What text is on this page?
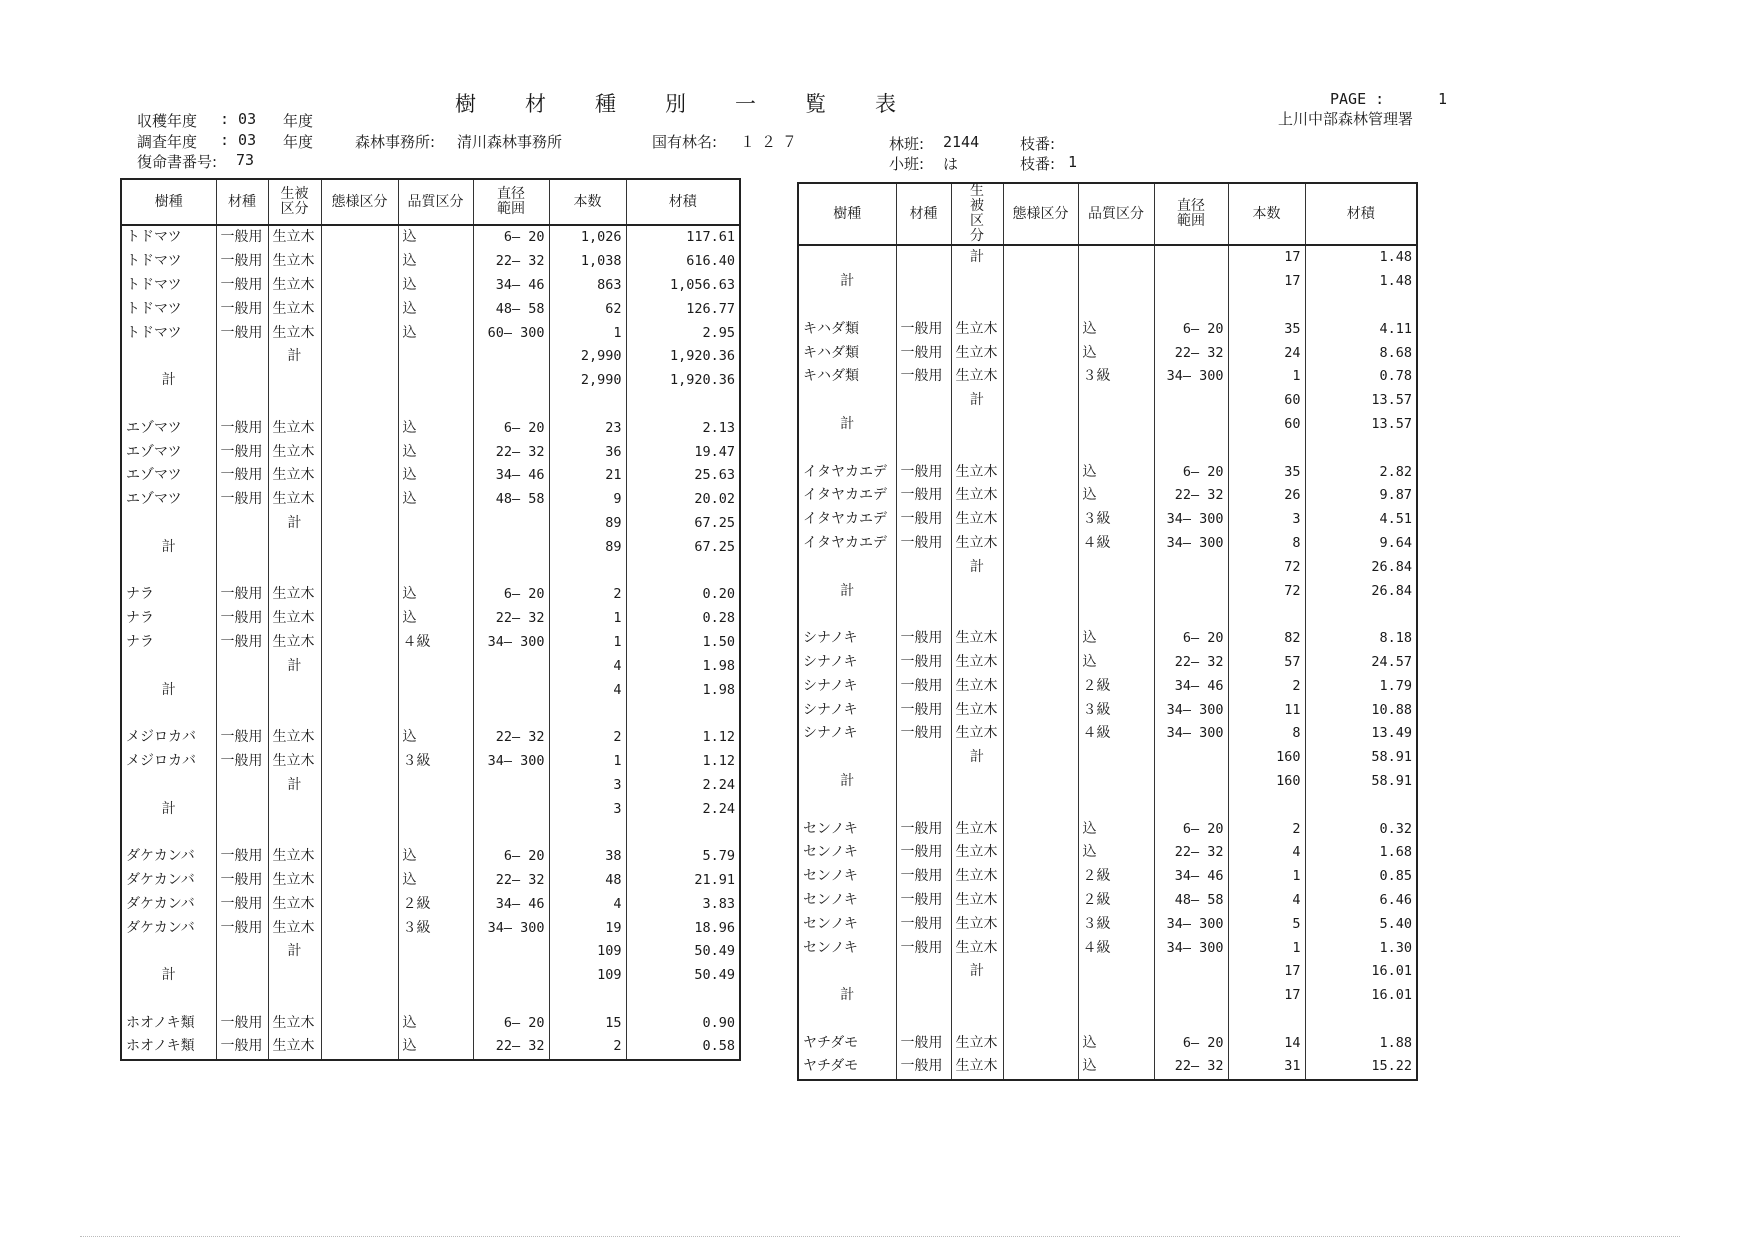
樹 材 種 別 一 覧 表	PAGE :	1
上川中部森林管理署
収穫年度 : 03 年度
調査年度 : 03 年度	森林事務所: 清川森林事務所	国有林名: １２７
復命書番号: 73
林班: 2144	枝番:
小班: は	枝番: 1
樹種	材種	生被区分	態様区分	品質区分	直径範囲	本数	材積
トドマツ	一般用	生立木		込	6— 20	1,026	117.61
トドマツ	一般用	生立木		込	22— 32	1,038	616.40
トドマツ	一般用	生立木		込	34— 46	863	1,056.63
トドマツ	一般用	生立木		込	48— 58	62	126.77
トドマツ	一般用	生立木		込	60— 300	1	2.95
		計				2,990	1,920.36
計						2,990	1,920.36

エゾマツ	一般用	生立木		込	6— 20	23	2.13
エゾマツ	一般用	生立木		込	22— 32	36	19.47
エゾマツ	一般用	生立木		込	34— 46	21	25.63
エゾマツ	一般用	生立木		込	48— 58	9	20.02
		計				89	67.25
計						89	67.25

ナラ	一般用	生立木		込	6— 20	2	0.20
ナラ	一般用	生立木		込	22— 32	1	0.28
ナラ	一般用	生立木		４級	34— 300	1	1.50
		計				4	1.98
計						4	1.98

メジロカバ	一般用	生立木		込	22— 32	2	1.12
メジロカバ	一般用	生立木		３級	34— 300	1	1.12
		計				3	2.24
計						3	2.24

ダケカンバ	一般用	生立木		込	6— 20	38	5.79
ダケカンバ	一般用	生立木		込	22— 32	48	21.91
ダケカンバ	一般用	生立木		２級	34— 46	4	3.83
ダケカンバ	一般用	生立木		３級	34— 300	19	18.96
		計				109	50.49
計						109	50.49

ホオノキ類	一般用	生立木		込	6— 20	15	0.90
ホオノキ類	一般用	生立木		込	22— 32	2	0.58
樹種	材種	生被区分	態様区分	品質区分	直径範囲	本数	材積
		計				17	1.48
計						17	1.48

キハダ類	一般用	生立木		込	6— 20	35	4.11
キハダ類	一般用	生立木		込	22— 32	24	8.68
キハダ類	一般用	生立木		３級	34— 300	1	0.78
		計				60	13.57
計						60	13.57

イタヤカエデ	一般用	生立木		込	6— 20	35	2.82
イタヤカエデ	一般用	生立木		込	22— 32	26	9.87
イタヤカエデ	一般用	生立木		３級	34— 300	3	4.51
イタヤカエデ	一般用	生立木		４級	34— 300	8	9.64
		計				72	26.84
計						72	26.84

シナノキ	一般用	生立木		込	6— 20	82	8.18
シナノキ	一般用	生立木		込	22— 32	57	24.57
シナノキ	一般用	生立木		２級	34— 46	2	1.79
シナノキ	一般用	生立木		３級	34— 300	11	10.88
シナノキ	一般用	生立木		４級	34— 300	8	13.49
		計				160	58.91
計						160	58.91

センノキ	一般用	生立木		込	6— 20	2	0.32
センノキ	一般用	生立木		込	22— 32	4	1.68
センノキ	一般用	生立木		２級	34— 46	1	0.85
センノキ	一般用	生立木		２級	48— 58	4	6.46
センノキ	一般用	生立木		３級	34— 300	5	5.40
センノキ	一般用	生立木		４級	34— 300	1	1.30
		計				17	16.01
計						17	16.01

ヤチダモ	一般用	生立木		込	6— 20	14	1.88
ヤチダモ	一般用	生立木		込	22— 32	31	15.22
